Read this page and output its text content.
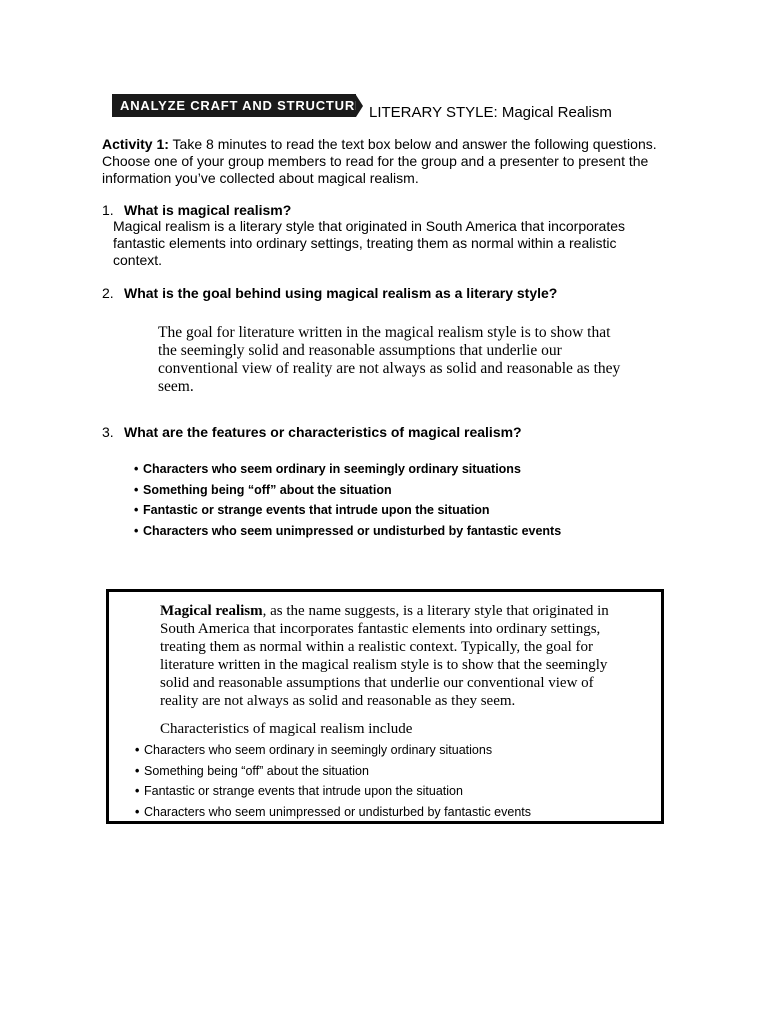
ANALYZE CRAFT AND STRUCTURE LITERARY STYLE: Magical Realism
Activity 1: Take 8 minutes to read the text box below and answer the following questions. Choose one of your group members to read for the group and a presenter to present the information you’ve collected about magical realism.
1. What is magical realism?
Magical realism is a literary style that originated in South America that incorporates fantastic elements into ordinary settings, treating them as normal within a realistic context.
2. What is the goal behind using magical realism as a literary style?
The goal for literature written in the magical realism style is to show that the seemingly solid and reasonable assumptions that underlie our conventional view of reality are not always as solid and reasonable as they seem.
3. What are the features or characteristics of magical realism?
• Characters who seem ordinary in seemingly ordinary situations
• Something being “off” about the situation
• Fantastic or strange events that intrude upon the situation
• Characters who seem unimpressed or undisturbed by fantastic events
Magical realism, as the name suggests, is a literary style that originated in South America that incorporates fantastic elements into ordinary settings, treating them as normal within a realistic context. Typically, the goal for literature written in the magical realism style is to show that the seemingly solid and reasonable assumptions that underlie our conventional view of reality are not always as solid and reasonable as they seem.
Characteristics of magical realism include
• Characters who seem ordinary in seemingly ordinary situations
• Something being “off” about the situation
• Fantastic or strange events that intrude upon the situation
• Characters who seem unimpressed or undisturbed by fantastic events
